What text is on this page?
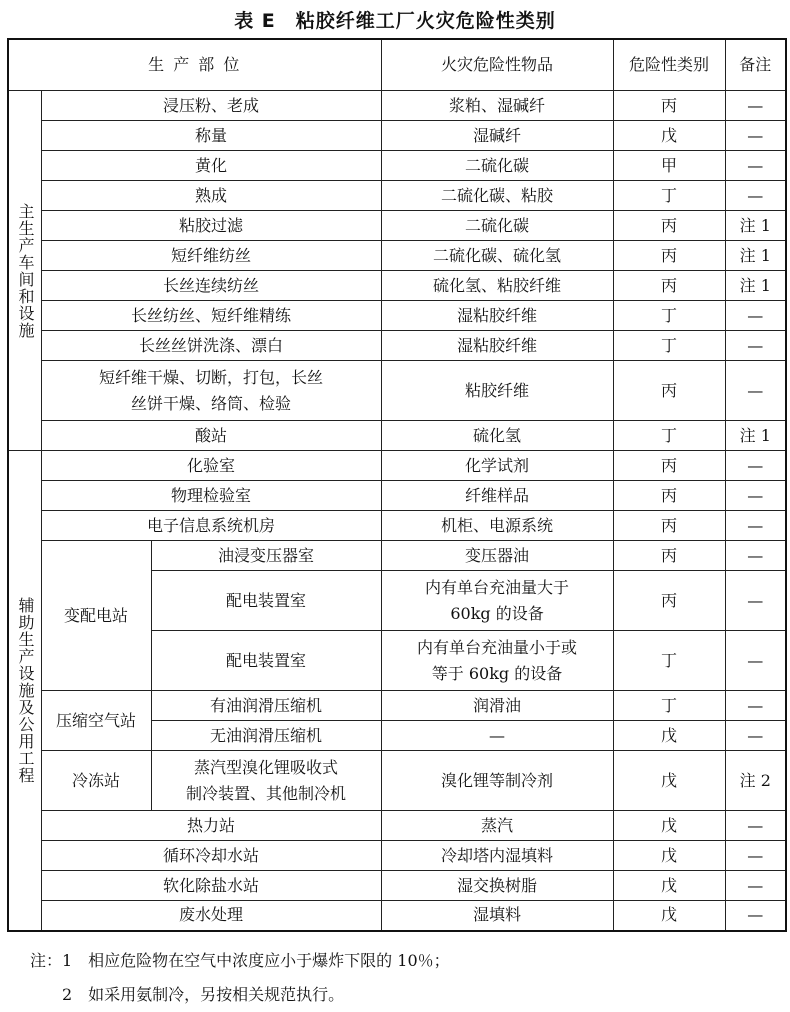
表 E　粘胶纤维工厂火灾危险性类别
生 产 部 位			火灾危险性物品	危险性类别	备注

主生产车间和设施	浸压粉、老成		浆粕、湿碱纤	丙	—
	称量		湿碱纤	戊	—
	黄化		二硫化碳	甲	—
	熟成		二硫化碳、粘胶	丁	—
	粘胶过滤		二硫化碳	丙	注 1
	短纤维纺丝		二硫化碳、硫化氢	丙	注 1
	长丝连续纺丝		硫化氢、粘胶纤维	丙	注 1
	长丝纺丝、短纤维精练		湿粘胶纤维	丁	—
	长丝丝饼洗涤、漂白		湿粘胶纤维	丁	—

	短纤维干燥、切断，打包，长丝
丝饼干燥、络筒、检验		粘胶纤维	丙	—
	酸站		硫化氢	丁	注 1

辅助生产设施及公用工程	化验室		化学试剂	丙	—
	物理检验室		纤维样品	丙	—
	电子信息系统机房		机柜、电源系统	丙	—
	变配电站	油浸变压器室	变压器油	丙	—
		配电装置室	内有单台充油量大于
60kg 的设备	丙	—
		配电装置室	内有单台充油量小于或
等于 60kg 的设备	丁	—
	压缩空气站	有油润滑压缩机	润滑油	丁	—
		无油润滑压缩机	—	戊	—
	冷冻站	蒸汽型溴化锂吸收式
制冷装置、其他制冷机	溴化锂等制冷剂	戊	注 2
	热力站		蒸汽	戊	—
	循环冷却水站		冷却塔内湿填料	戊	—
	软化除盐水站		湿交换树脂	戊	—
	废水处理		湿填料	戊	—
注：1　相应危险物在空气中浓度应小于爆炸下限的 10％；
　　2　如采用氨制冷，另按相关规范执行。
